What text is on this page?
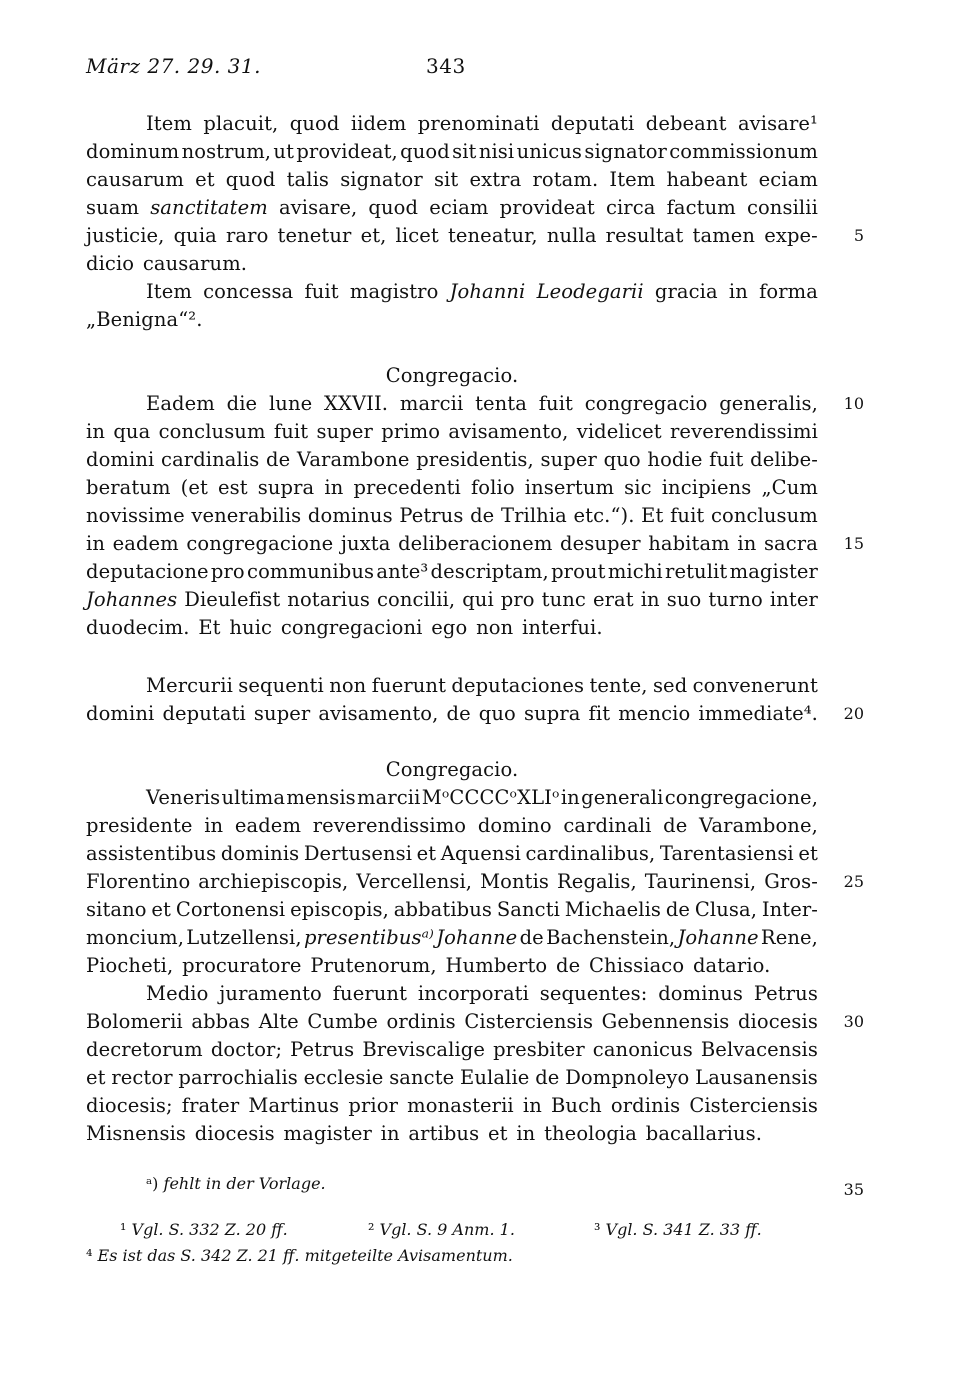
März 27. 29. 31.	343
Item placuit, quod iidem prenominati deputati debeant avisare¹
dominum nostrum, ut provideat, quod sit nisi unicus signator commissionum
causarum et quod talis signator sit extra rotam. Item habeant eciam
suam sanctitatem avisare, quod eciam provideat circa factum consilii
justicie, quia raro tenetur et, licet teneatur, nulla resultat tamen expe-
dicio causarum.
Item concessa fuit magistro Johanni Leodegarii gracia in forma
„Benigna“².
Congregacio.
Eadem die lune XXVII. marcii tenta fuit congregacio generalis,
in qua conclusum fuit super primo avisamento, videlicet reverendissimi
domini cardinalis de Varambone presidentis, super quo hodie fuit delibe-
beratum (et est supra in precedenti folio insertum sic incipiens „Cum
novissime venerabilis dominus Petrus de Trilhia etc.“). Et fuit conclusum
in eadem congregacione juxta deliberacionem desuper habitam in sacra
deputacione pro communibus ante³ descriptam, prout michi retulit magister
Johannes Dieulefist notarius concilii, qui pro tunc erat in suo turno inter
duodecim. Et huic congregacioni ego non interfui.
Mercurii sequenti non fuerunt deputaciones tente, sed convenerunt
domini deputati super avisamento, de quo supra fit mencio immediate⁴.
Congregacio.
Veneris ultima mensis marcii MᵒCCCCᵒXLIᵒ in generali congregacione,
presidente in eadem reverendissimo domino cardinali de Varambone,
assistentibus dominis Dertusensi et Aquensi cardinalibus, Tarentasiensi et
Florentino archiepiscopis, Vercellensi, Montis Regalis, Taurinensi, Gros-
sitano et Cortonensi episcopis, abbatibus Sancti Michaelis de Clusa, Inter-
moncium, Lutzellensi, presentibusᵃ⁾ Johanne de Bachenstein, Johanne Rene,
Piocheti, procuratore Prutenorum, Humberto de Chissiaco datario.
Medio juramento fuerunt incorporati sequentes: dominus Petrus
Bolomerii abbas Alte Cumbe ordinis Cisterciensis Gebennensis diocesis
decretorum doctor; Petrus Breviscalige presbiter canonicus Belvacensis
et rector parrochialis ecclesie sancte Eulalie de Dompnoleyo Lausanensis
diocesis; frater Martinus prior monasterii in Buch ordinis Cisterciensis
Misnensis diocesis magister in artibus et in theologia bacallarius.
5
10
15
20
25
30
35
ᵃ) fehlt in der Vorlage.
¹ Vgl. S. 332 Z. 20 ff.	² Vgl. S. 9 Anm. 1.	³ Vgl. S. 341 Z. 33 ff.
⁴ Es ist das S. 342 Z. 21 ff. mitgeteilte Avisamentum.
